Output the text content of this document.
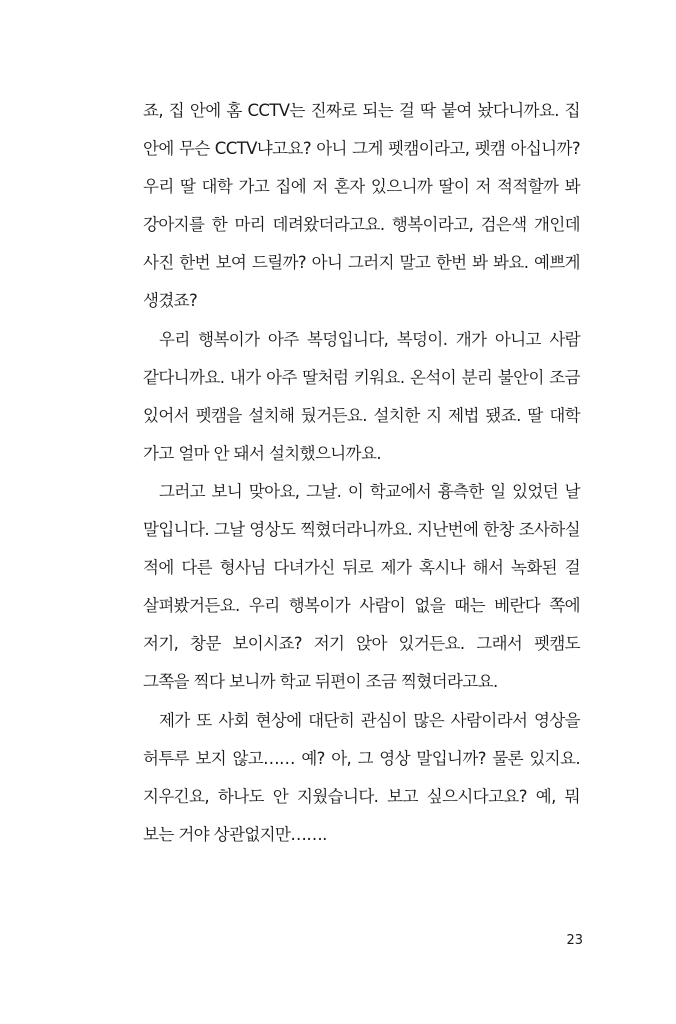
죠, 집 안에 홈 CCTV는 진짜로 되는 걸 딱 붙여 놨다니까요. 집 안에 무슨 CCTV냐고요? 아니 그게 펫캠이라고, 펫캠 아십니까? 우리 딸 대학 가고 집에 저 혼자 있으니까 딸이 저 적적할까 봐 강아지를 한 마리 데려왔더라고요. 행복이라고, 검은색 개인데 사진 한번 보여 드릴까? 아니 그러지 말고 한번 봐 봐요. 예쁘게 생겼죠?

우리 행복이가 아주 복덩입니다, 복덩이. 개가 아니고 사람 같다니까요. 내가 아주 딸처럼 키워요. 온석이 분리 불안이 조금 있어서 펫캠을 설치해 뒀거든요. 설치한 지 제법 됐죠. 딸 대학 가고 얼마 안 돼서 설치했으니까요.

그러고 보니 맞아요, 그날. 이 학교에서 흉측한 일 있었던 날 말입니다. 그날 영상도 찍혔더라니까요. 지난번에 한창 조사하실 적에 다른 형사님 다녀가신 뒤로 제가 혹시나 해서 녹화된 걸 살펴봤거든요. 우리 행복이가 사람이 없을 때는 베란다 쪽에 저기, 창문 보이시죠? 저기 앉아 있거든요. 그래서 펫캠도 그쪽을 찍다 보니까 학교 뒤편이 조금 찍혔더라고요.

제가 또 사회 현상에 대단히 관심이 많은 사람이라서 영상을 허투루 보지 않고…… 예? 아, 그 영상 말입니까? 물론 있지요. 지우긴요, 하나도 안 지웠습니다. 보고 싶으시다고요? 예, 뭐 보는 거야 상관없지만…….

23
